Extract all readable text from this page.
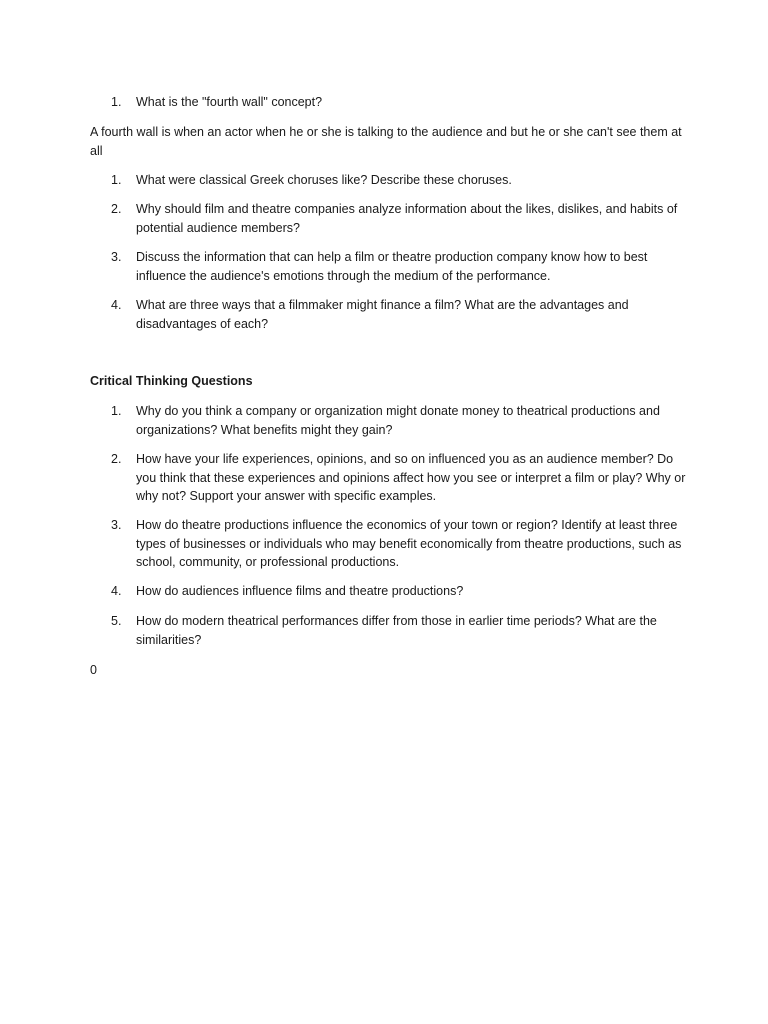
1.	What is the "fourth wall" concept?
A fourth wall is when an actor when he or she is talking to the audience and but he or she can't see them at all
1.	What were classical Greek choruses like? Describe these choruses.
2.	Why should film and theatre companies analyze information about the likes, dislikes, and habits of potential audience members?
3.	Discuss the information that can help a film or theatre production company know how to best influence the audience's emotions through the medium of the performance.
4.	What are three ways that a filmmaker might finance a film? What are the advantages and disadvantages of each?
Critical Thinking Questions
1.	Why do you think a company or organization might donate money to theatrical productions and organizations? What benefits might they gain?
2.	How have your life experiences, opinions, and so on influenced you as an audience member? Do you think that these experiences and opinions affect how you see or interpret a film or play? Why or why not? Support your answer with specific examples.
3.	How do theatre productions influence the economics of your town or region? Identify at least three types of businesses or individuals who may benefit economically from theatre productions, such as school, community, or professional productions.
4.	How do audiences influence films and theatre productions?
5.	How do modern theatrical performances differ from those in earlier time periods? What are the similarities?
0
